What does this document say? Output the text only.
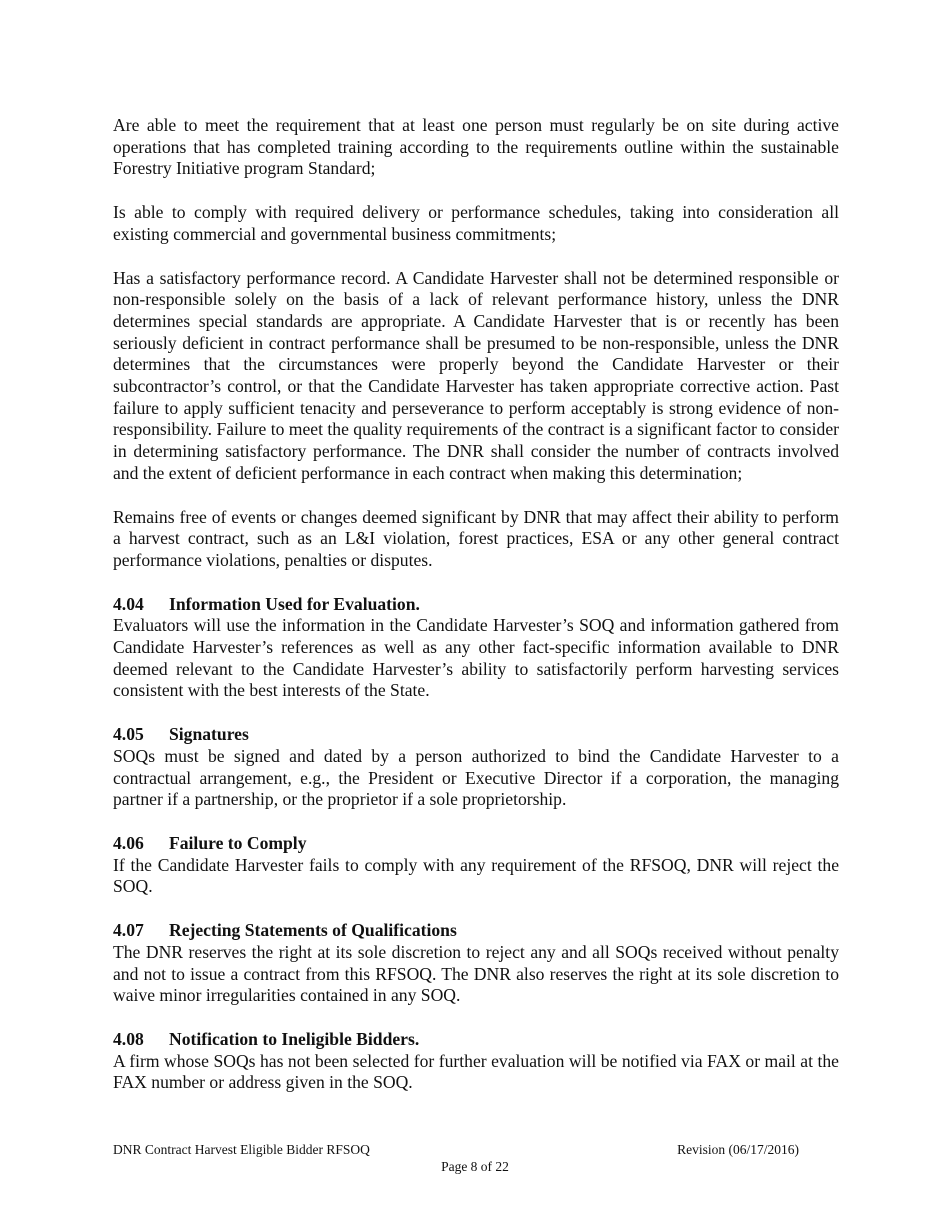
Are able to meet the requirement that at least one person must regularly be on site during active operations that has completed training according to the requirements outline within the sustainable Forestry Initiative program Standard;

Is able to comply with required delivery or performance schedules, taking into consideration all existing commercial and governmental business commitments;

Has a satisfactory performance record. A Candidate Harvester shall not be determined responsible or non-responsible solely on the basis of a lack of relevant performance history, unless the DNR determines special standards are appropriate. A Candidate Harvester that is or recently has been seriously deficient in contract performance shall be presumed to be non-responsible, unless the DNR determines that the circumstances were properly beyond the Candidate Harvester or their subcontractor’s control, or that the Candidate Harvester has taken appropriate corrective action. Past failure to apply sufficient tenacity and perseverance to perform acceptably is strong evidence of non-responsibility. Failure to meet the quality requirements of the contract is a significant factor to consider in determining satisfactory performance. The DNR shall consider the number of contracts involved and the extent of deficient performance in each contract when making this determination;

Remains free of events or changes deemed significant by DNR that may affect their ability to perform a harvest contract, such as an L&I violation, forest practices, ESA or any other general contract performance violations, penalties or disputes.

4.04 Information Used for Evaluation.

Evaluators will use the information in the Candidate Harvester’s SOQ and information gathered from Candidate Harvester’s references as well as any other fact-specific information available to DNR deemed relevant to the Candidate Harvester’s ability to satisfactorily perform harvesting services consistent with the best interests of the State.

4.05 Signatures

SOQs must be signed and dated by a person authorized to bind the Candidate Harvester to a contractual arrangement, e.g., the President or Executive Director if a corporation, the managing partner if a partnership, or the proprietor if a sole proprietorship.

4.06 Failure to Comply

If the Candidate Harvester fails to comply with any requirement of the RFSOQ, DNR will reject the SOQ.

4.07 Rejecting Statements of Qualifications

The DNR reserves the right at its sole discretion to reject any and all SOQs received without penalty and not to issue a contract from this RFSOQ. The DNR also reserves the right at its sole discretion to waive minor irregularities contained in any SOQ.

4.08 Notification to Ineligible Bidders.

A firm whose SOQs has not been selected for further evaluation will be notified via FAX or mail at the FAX number or address given in the SOQ.

DNR Contract Harvest Eligible Bidder RFSOQ	Revision (06/17/2016)
Page 8 of 22
